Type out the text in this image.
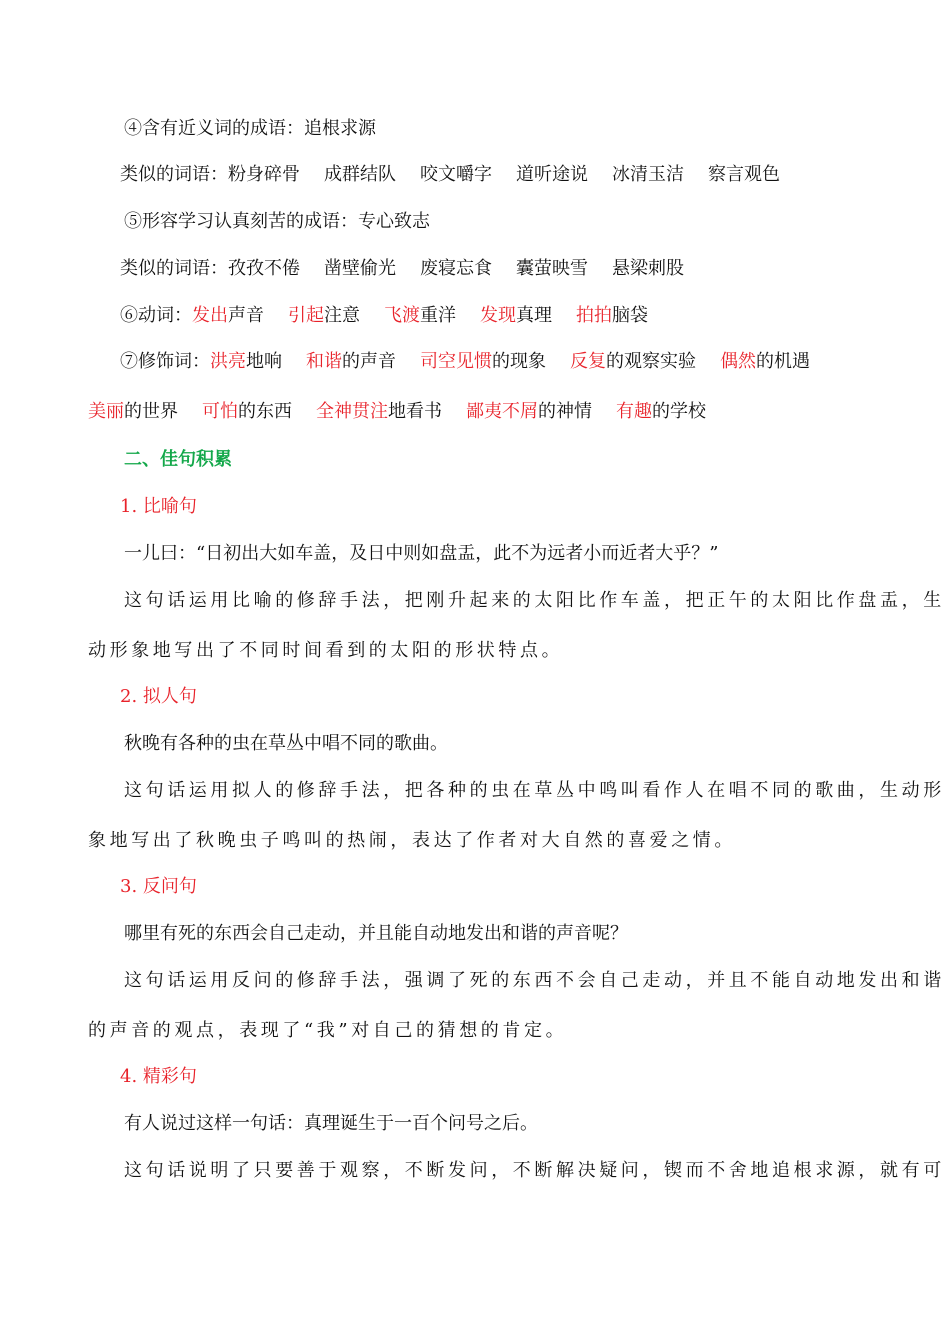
④含有近义词的成语：追根求源
类似的词语：粉身碎骨 成群结队 咬文嚼字 道听途说 冰清玉洁 察言观色
⑤形容学习认真刻苦的成语：专心致志
类似的词语：孜孜不倦 凿壁偷光 废寝忘食 囊萤映雪 悬梁刺股
⑥动词：发出声音 引起注意 飞渡重洋 发现真理 拍拍脑袋
⑦修饰词：洪亮地响 和谐的声音 司空见惯的现象 反复的观察实验 偶然的机遇
美丽的世界 可怕的东西 全神贯注地看书 鄙夷不屑的神情 有趣的学校
二、佳句积累
1. 比喻句
一儿曰：“日初出大如车盖，及日中则如盘盂，此不为远者小而近者大乎？”
这句话运用比喻的修辞手法，把刚升起来的太阳比作车盖，把正午的太阳比作盘盂，生
动形象地写出了不同时间看到的太阳的形状特点。
2. 拟人句
秋晚有各种的虫在草丛中唱不同的歌曲。
这句话运用拟人的修辞手法，把各种的虫在草丛中鸣叫看作人在唱不同的歌曲，生动形
象地写出了秋晚虫子鸣叫的热闹，表达了作者对大自然的喜爱之情。
3. 反问句
哪里有死的东西会自己走动，并且能自动地发出和谐的声音呢？
这句话运用反问的修辞手法，强调了死的东西不会自己走动，并且不能自动地发出和谐
的声音的观点，表现了“我”对自己的猜想的肯定。
4. 精彩句
有人说过这样一句话：真理诞生于一百个问号之后。
这句话说明了只要善于观察，不断发问，不断解决疑问，锲而不舍地追根求源，就有可
